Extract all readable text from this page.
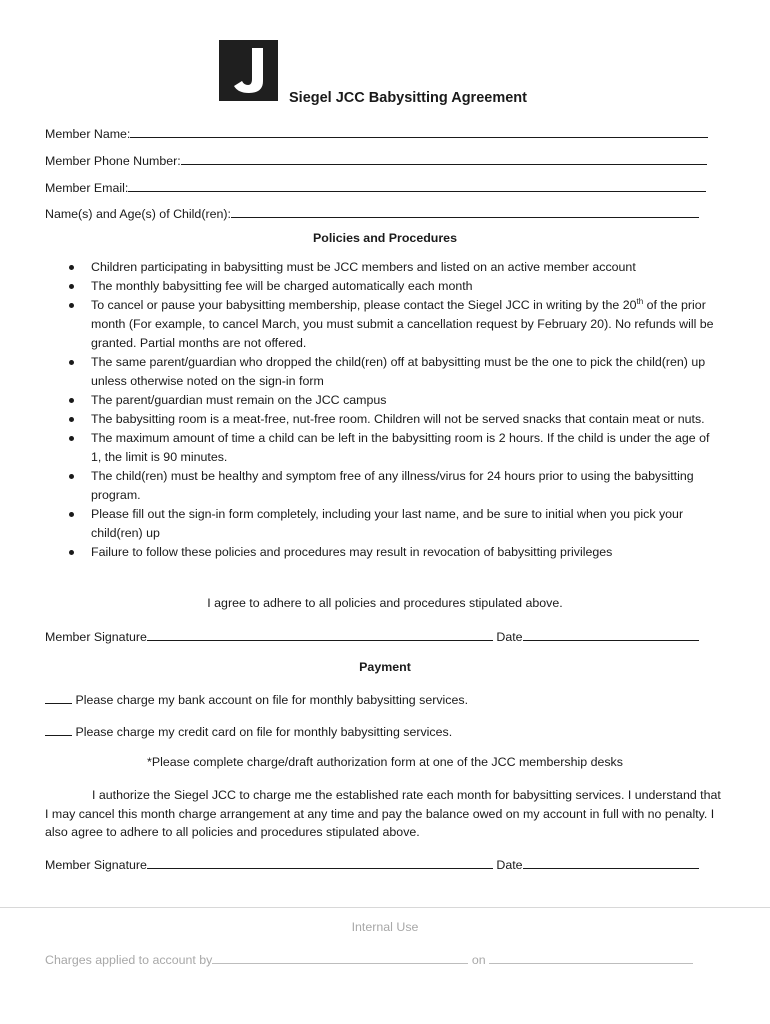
Siegel JCC Babysitting Agreement
Member Name:
Member Phone Number:
Member Email:
Name(s) and Age(s) of Child(ren):
Policies and Procedures
Children participating in babysitting must be JCC members and listed on an active member account
The monthly babysitting fee will be charged automatically each month
To cancel or pause your babysitting membership, please contact the Siegel JCC in writing by the 20th of the prior month (For example, to cancel March, you must submit a cancellation request by February 20). No refunds will be granted. Partial months are not offered.
The same parent/guardian who dropped the child(ren) off at babysitting must be the one to pick the child(ren) up unless otherwise noted on the sign-in form
The parent/guardian must remain on the JCC campus
The babysitting room is a meat-free, nut-free room. Children will not be served snacks that contain meat or nuts.
The maximum amount of time a child can be left in the babysitting room is 2 hours. If the child is under the age of 1, the limit is 90 minutes.
The child(ren) must be healthy and symptom free of any illness/virus for 24 hours prior to using the babysitting program.
Please fill out the sign-in form completely, including your last name, and be sure to initial when you pick your child(ren) up
Failure to follow these policies and procedures may result in revocation of babysitting privileges
I agree to adhere to all policies and procedures stipulated above.
Member Signature	Date
Payment
Please charge my bank account on file for monthly babysitting services.
Please charge my credit card on file for monthly babysitting services.
*Please complete charge/draft authorization form at one of the JCC membership desks
I authorize the Siegel JCC to charge me the established rate each month for babysitting services. I understand that I may cancel this month charge arrangement at any time and pay the balance owed on my account in full with no penalty. I also agree to adhere to all policies and procedures stipulated above.
Member Signature	Date
Internal Use
Charges applied to account by	on
